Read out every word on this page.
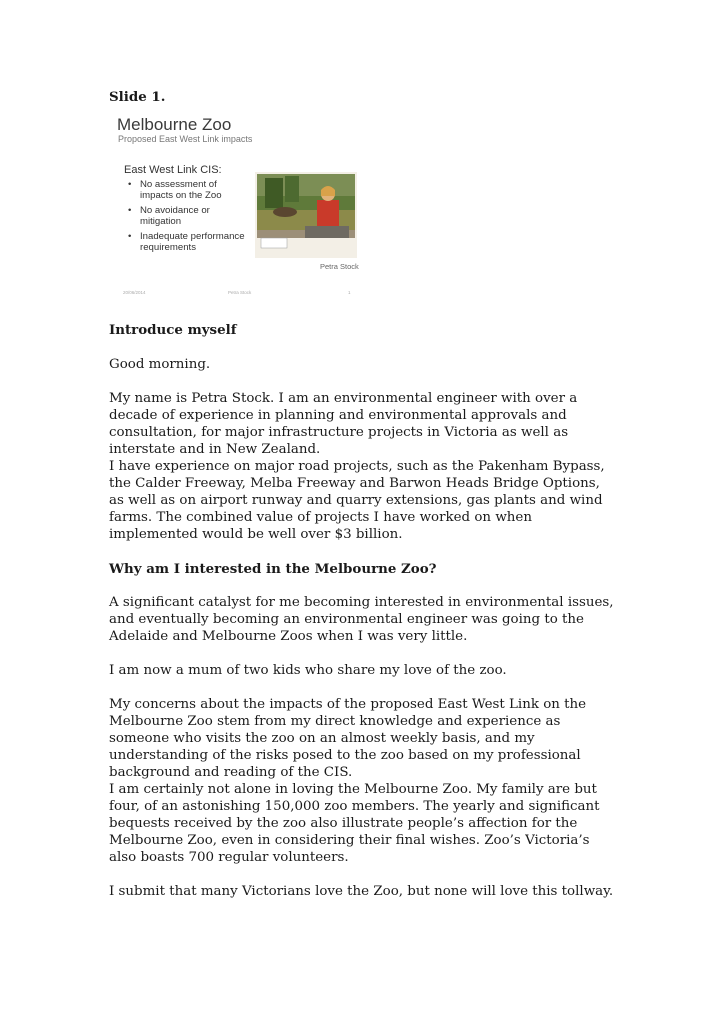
Slide 1.
Melbourne Zoo
Proposed East West Link impacts
East West Link CIS:
• No assessment of impacts on the Zoo
• No avoidance or mitigation
• Inadequate performance requirements
Petra Stock
20/06/2014	Petra Stock	1
Introduce myself
Good morning.
My name is Petra Stock. I am an environmental engineer with over a decade of experience in planning and environmental approvals and consultation, for major infrastructure projects in Victoria as well as interstate and in New Zealand.
I have experience on major road projects, such as the Pakenham Bypass, the Calder Freeway, Melba Freeway and Barwon Heads Bridge Options, as well as on airport runway and quarry extensions, gas plants and wind farms. The combined value of projects I have worked on when implemented would be well over $3 billion.
Why am I interested in the Melbourne Zoo?
A significant catalyst for me becoming interested in environmental issues, and eventually becoming an environmental engineer was going to the Adelaide and Melbourne Zoos when I was very little.
I am now a mum of two kids who share my love of the zoo.
My concerns about the impacts of the proposed East West Link on the Melbourne Zoo stem from my direct knowledge and experience as someone who visits the zoo on an almost weekly basis, and my understanding of the risks posed to the zoo based on my professional background and reading of the CIS.
I am certainly not alone in loving the Melbourne Zoo. My family are but four, of an astonishing 150,000 zoo members. The yearly and significant bequests received by the zoo also illustrate people’s affection for the Melbourne Zoo, even in considering their final wishes. Zoo’s Victoria’s also boasts 700 regular volunteers.
I submit that many Victorians love the Zoo, but none will love this tollway.
